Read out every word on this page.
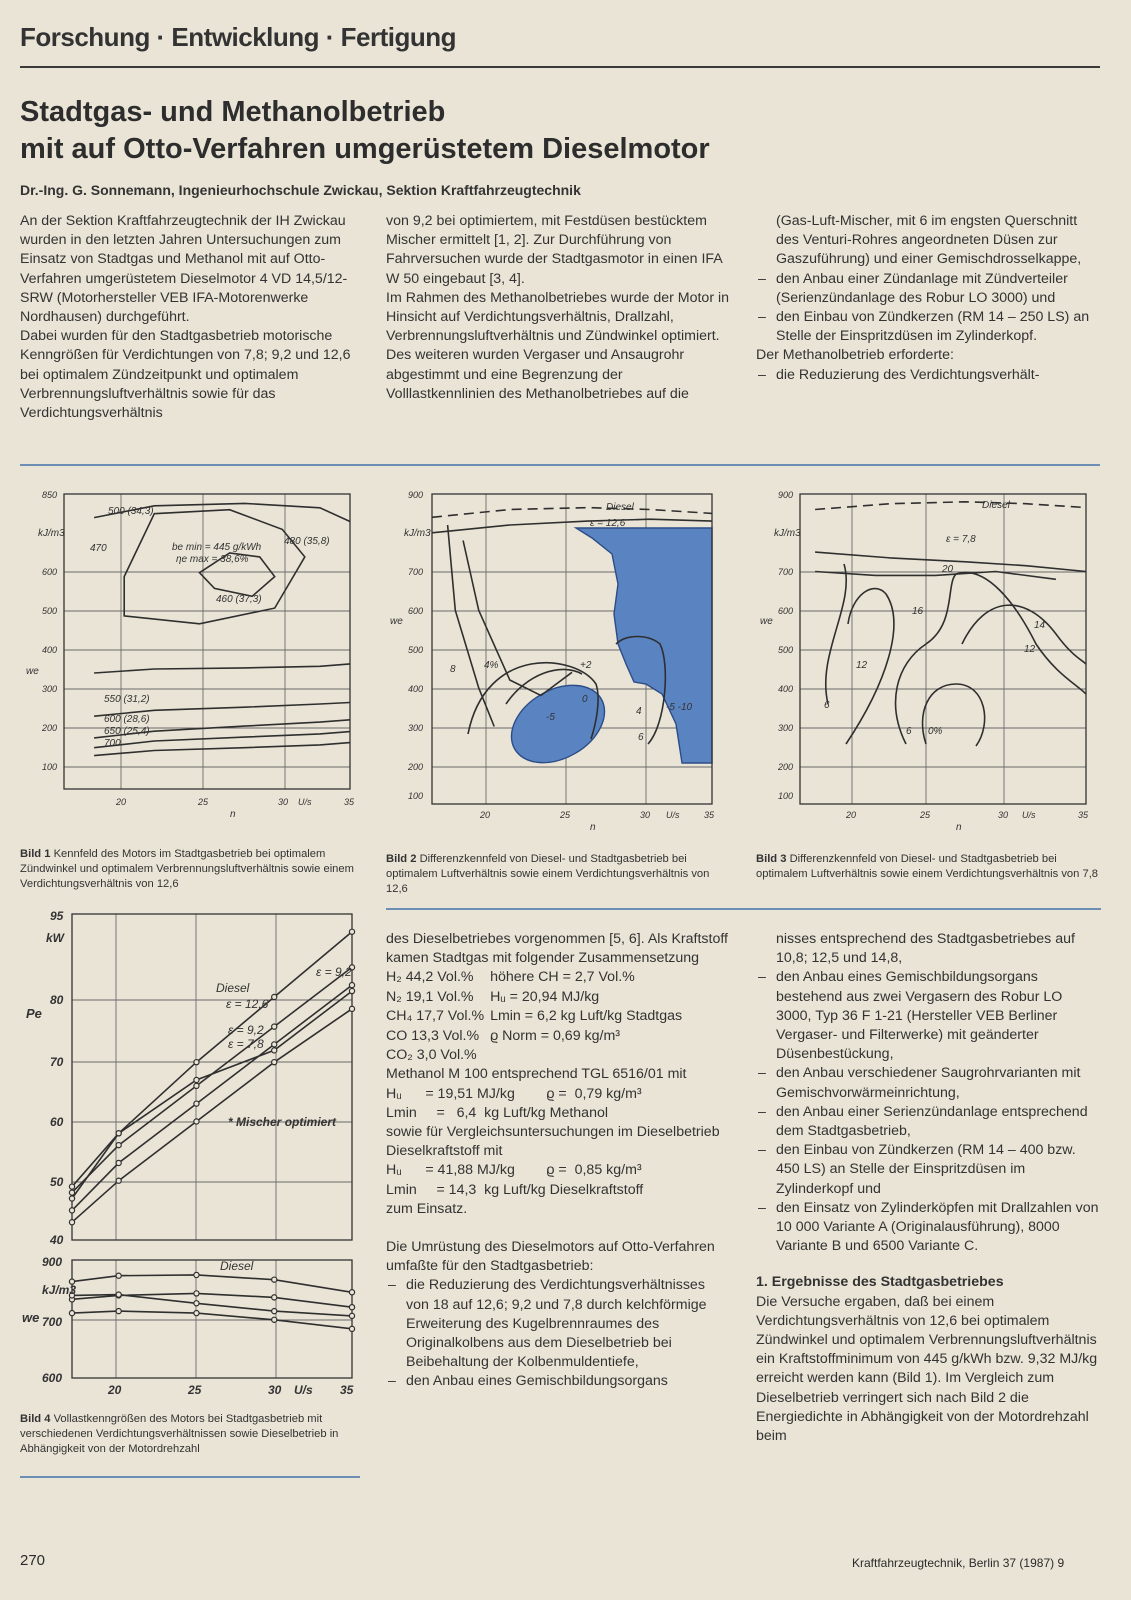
Forschung · Entwicklung · Fertigung
Stadtgas- und Methanolbetrieb
mit auf Otto-Verfahren umgerüstetem Dieselmotor
Dr.-Ing. G. Sonnemann, Ingenieurhochschule Zwickau, Sektion Kraftfahrzeugtechnik

An der Sektion Kraftfahrzeugtechnik der IH Zwickau wurden in den letzten Jahren Untersuchungen zum Einsatz von Stadtgas und Methanol mit auf Otto-Verfahren umgerüstetem Dieselmotor 4 VD 14,5/12-SRW (Motorhersteller VEB IFA-Motorenwerke Nordhausen) durchgeführt.

Dabei wurden für den Stadtgasbetrieb motorische Kenngrößen für Verdichtungen von 7,8; 9,2 und 12,6 bei optimalem Zündzeitpunkt und optimalem Verbrennungsluftverhältnis sowie für das Verdichtungsverhältnis

von 9,2 bei optimiertem, mit Festdüsen bestücktem Mischer ermittelt [1, 2]. Zur Durchführung von Fahrversuchen wurde der Stadtgasmotor in einen IFA W 50 eingebaut [3, 4].

Im Rahmen des Methanolbetriebes wurde der Motor in Hinsicht auf Verdichtungsverhältnis, Drallzahl, Verbrennungsluftverhältnis und Zündwinkel optimiert. Des weiteren wurden Vergaser und Ansaugrohr abgestimmt und eine Begrenzung der Volllastkennlinien des Methanolbetriebes auf die

(Gas-Luft-Mischer, mit 6 im engsten Querschnitt des Venturi-Rohres angeordneten Düsen zur Gaszuführung) und einer Gemischdrosselkappe,

– den Anbau einer Zündanlage mit Zündverteiler (Serienzündanlage des Robur LO 3000) und
– den Einbau von Zündkerzen (RM 14 – 250 LS) an Stelle der Einspritzdüsen im Zylinderkopf.

Der Methanolbetrieb erforderte:

– die Reduzierung des Verdichtungsverhält-
850
600
500
400
300
200
100
kJ/m3
we
20	25	30 U/s	35
n
be min = 445 g/kWh
ηe max = 38,6%
460 (37,3)
470
480 (35,8)
500 (34,3)
550 (31,2)
600 (28,6)
650 (25,4)
700
Bild 1 Kennfeld des Motors im Stadtgasbetrieb bei optimalem Zündwinkel und optimalem Verbrennungsluftverhältnis sowie einem Verdichtungsverhältnis von 12,6
900
700
600
500
400
300
200
100
kJ/m3
we
20	25	30 U/s	35
n
Diesel
ε = 12,6
8	4%	+2
0
-5
4
6
-5 -10
Bild 2 Differenzkennfeld von Diesel- und Stadtgasbetrieb bei optimalem Luftverhältnis sowie einem Verdichtungsverhältnis von 12,6
900
700
600
500
400
300
200
100
kJ/m3
we
20	25	30 U/s	35
n
Diesel
ε = 7,8
20
16
14
12
12
6
6 0%
Bild 3 Differenzkennfeld von Diesel- und Stadtgasbetrieb bei optimalem Luftverhältnis sowie einem Verdichtungsverhältnis von 7,8
95
80
70
60
50
40
kW
Pe
900
700
600
kJ/m3
we
20	25	30 U/s 35
Diesel
ε = 12,6
ε = 9,2
ε = 7,8
ε = 9,2
* Mischer optimiert
Diesel
Bild 4 Vollastkenngrößen des Motors bei Stadtgasbetrieb mit verschiedenen Verdichtungsverhältnissen sowie Dieselbetrieb in Abhängigkeit von der Motordrehzahl

des Dieselbetriebes vorgenommen [5, 6]. Als Kraftstoff kamen Stadtgas mit folgender Zusammensetzung

H₂ 44,2 Vol.%	höhere CH = 2,7 Vol.%
N₂ 19,1 Vol.%	Hᵤ = 20,94 MJ/kg
CH₄ 17,7 Vol.%	Lmin = 6,2 kg Luft/kg Stadtgas
CO 13,3 Vol.%	ϱ Norm = 0,69 kg/m³
CO₂ 3,0 Vol.%	

Methanol M 100 entsprechend TGL 6516/01 mit

Hᵤ      = 19,51 MJ/kg        ϱ =  0,79 kg/m³

Lmin     =   6,4  kg Luft/kg Methanol

sowie für Vergleichsuntersuchungen im Dieselbetrieb

Dieselkraftstoff mit

Hᵤ      = 41,88 MJ/kg        ϱ =  0,85 kg/m³

Lmin     = 14,3  kg Luft/kg Dieselkraftstoff

zum Einsatz.

Die Umrüstung des Dieselmotors auf Otto-Verfahren umfaßte für den Stadtgasbetrieb:

– die Reduzierung des Verdichtungsverhältnisses von 18 auf 12,6; 9,2 und 7,8 durch kelchförmige Erweiterung des Kugelbrennraumes des Originalkolbens aus dem Dieselbetrieb bei Beibehaltung der Kolbenmuldentiefe,
– den Anbau eines Gemischbildungsorgans

nisses entsprechend des Stadtgasbetriebes auf 10,8; 12,5 und 14,8,

– den Anbau eines Gemischbildungsorgans bestehend aus zwei Vergasern des Robur LO 3000, Typ 36 F 1-21 (Hersteller VEB Berliner Vergaser- und Filterwerke) mit geänderter Düsenbestückung,
– den Anbau verschiedener Saugrohrvarianten mit Gemischvorwärmeinrichtung,
– den Anbau einer Serienzündanlage entsprechend dem Stadtgasbetrieb,
– den Einbau von Zündkerzen (RM 14 – 400 bzw. 450 LS) an Stelle der Einspritzdüsen im Zylinderkopf und
– den Einsatz von Zylinderköpfen mit Drallzahlen von 10 000 Variante A (Originalausführung), 8000 Variante B und 6500 Variante C.

1. Ergebnisse des Stadtgasbetriebes

Die Versuche ergaben, daß bei einem Verdichtungsverhältnis von 12,6 bei optimalem Zündwinkel und optimalem Verbrennungsluftverhältnis ein Kraftstoffminimum von 445 g/kWh bzw. 9,32 MJ/kg erreicht werden kann (Bild 1). Im Vergleich zum Dieselbetrieb verringert sich nach Bild 2 die Energiedichte in Abhängigkeit von der Motordrehzahl beim

270	Kraftfahrzeugtechnik, Berlin 37 (1987) 9
